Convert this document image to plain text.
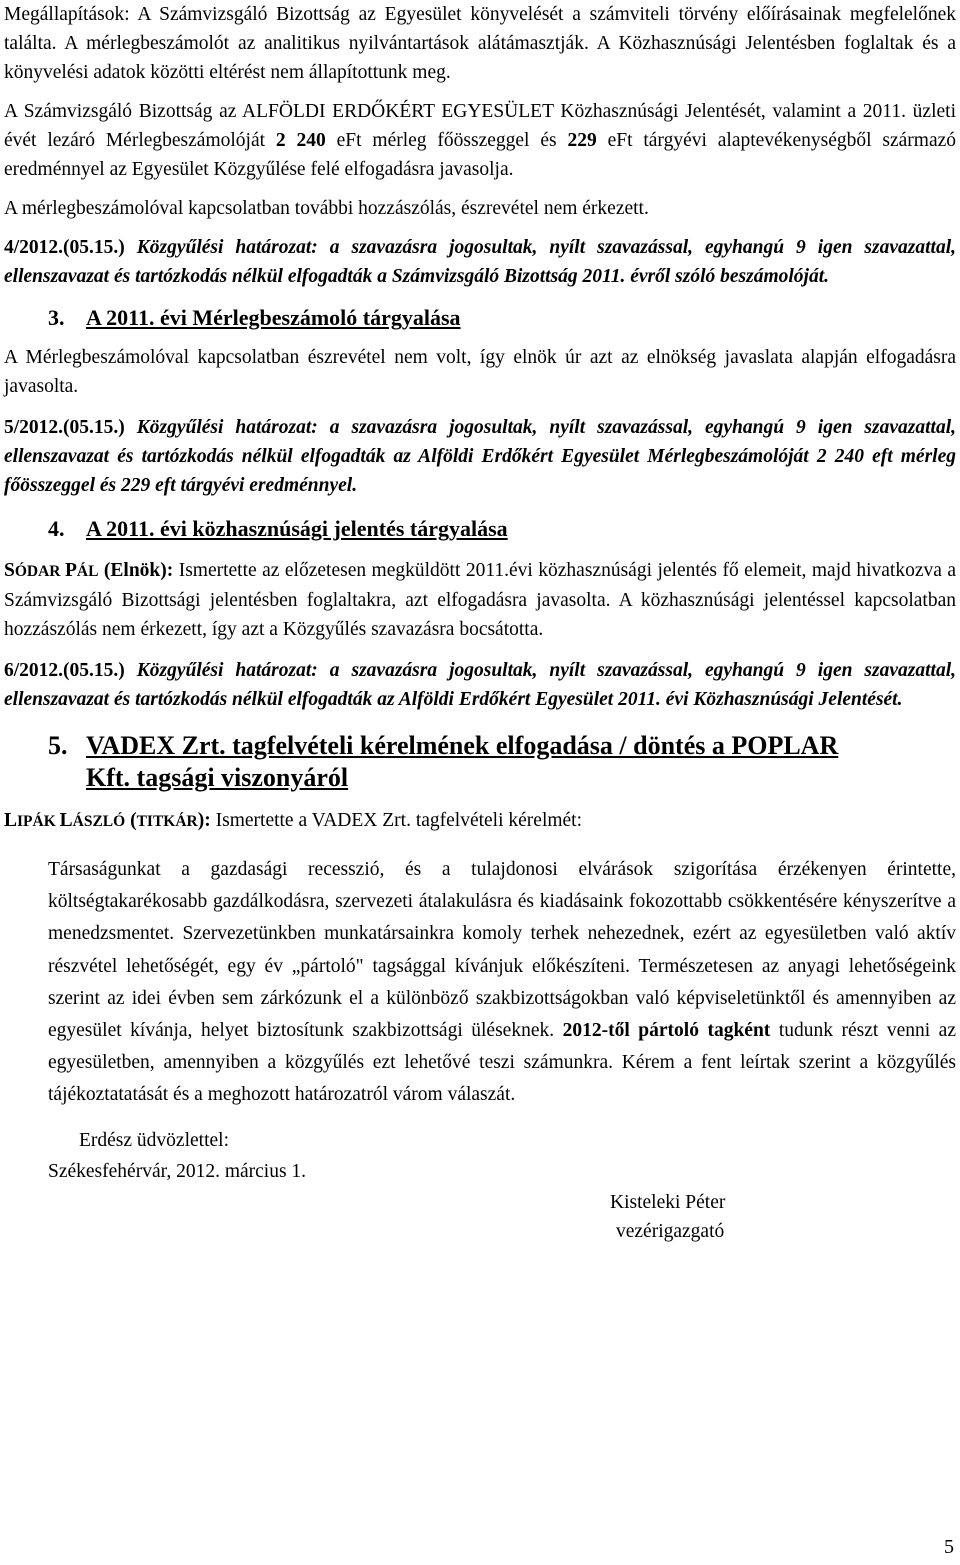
Megállapítások: A Számvizsgáló Bizottság az Egyesület könyvelését a számviteli törvény előírásainak megfelelőnek találta. A mérlegbeszámolót az analitikus nyilvántartások alátámasztják. A Közhasznúsági Jelentésben foglaltak és a könyvelési adatok közötti eltérést nem állapítottunk meg.

A Számvizsgáló Bizottság az ALFÖLDI ERDŐKÉRT EGYESÜLET Közhasznúsági Jelentését, valamint a 2011. üzleti évét lezáró Mérlegbeszámolóját 2 240 eFt mérleg főösszeggel és 229 eFt tárgyévi alaptevékenységből származó eredménnyel az Egyesület Közgyűlése felé elfogadásra javasolja.

A mérlegbeszámolóval kapcsolatban további hozzászólás, észrevétel nem érkezett.

4/2012.(05.15.) Közgyűlési határozat: a szavazásra jogosultak, nyílt szavazással, egyhangú 9 igen szavazattal, ellenszavazat és tartózkodás nélkül elfogadták a Számvizsgáló Bizottság 2011. évről szóló beszámolóját.

3. A 2011. évi Mérlegbeszámoló tárgyalása

A Mérlegbeszámolóval kapcsolatban észrevétel nem volt, így elnök úr azt az elnökség javaslata alapján elfogadásra javasolta.

5/2012.(05.15.) Közgyűlési határozat: a szavazásra jogosultak, nyílt szavazással, egyhangú 9 igen szavazattal, ellenszavazat és tartózkodás nélkül elfogadták az Alföldi Erdőkért Egyesület Mérlegbeszámolóját 2 240 eft mérleg főösszeggel és 229 eft tárgyévi eredménnyel.

4. A 2011. évi közhasznúsági jelentés tárgyalása

SÓDAR PÁL (Elnök): Ismertette az előzetesen megküldött 2011.évi közhasznúsági jelentés fő elemeit, majd hivatkozva a Számvizsgáló Bizottsági jelentésben foglaltakra, azt elfogadásra javasolta. A közhasznúsági jelentéssel kapcsolatban hozzászólás nem érkezett, így azt a Közgyűlés szavazásra bocsátotta.

6/2012.(05.15.) Közgyűlési határozat: a szavazásra jogosultak, nyílt szavazással, egyhangú 9 igen szavazattal, ellenszavazat és tartózkodás nélkül elfogadták az Alföldi Erdőkért Egyesület 2011. évi Közhasznúsági Jelentését.

5. VADEX Zrt. tagfelvételi kérelmének elfogadása / döntés a POPLAR
Kft. tagsági viszonyáról

LIPÁK LÁSZLÓ (TITKÁR): Ismertette a VADEX Zrt. tagfelvételi kérelmét:

Társaságunkat a gazdasági recesszió, és a tulajdonosi elvárások szigorítása érzékenyen érintette, költségtakarékosabb gazdálkodásra, szervezeti átalakulásra és kiadásaink fokozottabb csökkentésére kényszerítve a menedzsmentet. Szervezetünkben munkatársainkra komoly terhek nehezednek, ezért az egyesületben való aktív részvétel lehetőségét, egy év „pártoló" tagsággal kívánjuk előkészíteni. Természetesen az anyagi lehetőségeink szerint az idei évben sem zárkózunk el a különböző szakbizottságokban való képviseletünktől és amennyiben az egyesület kívánja, helyet biztosítunk szakbizottsági üléseknek. 2012-től pártoló tagként tudunk részt venni az egyesületben, amennyiben a közgyűlés ezt lehetővé teszi számunkra. Kérem a fent leírtak szerint a közgyűlés tájékoztatatását és a meghozott határozatról várom válaszát.

Erdész üdvözlettel:
Székesfehérvár, 2012. március 1.
Kisteleki Péter
vezérigazgató
5
